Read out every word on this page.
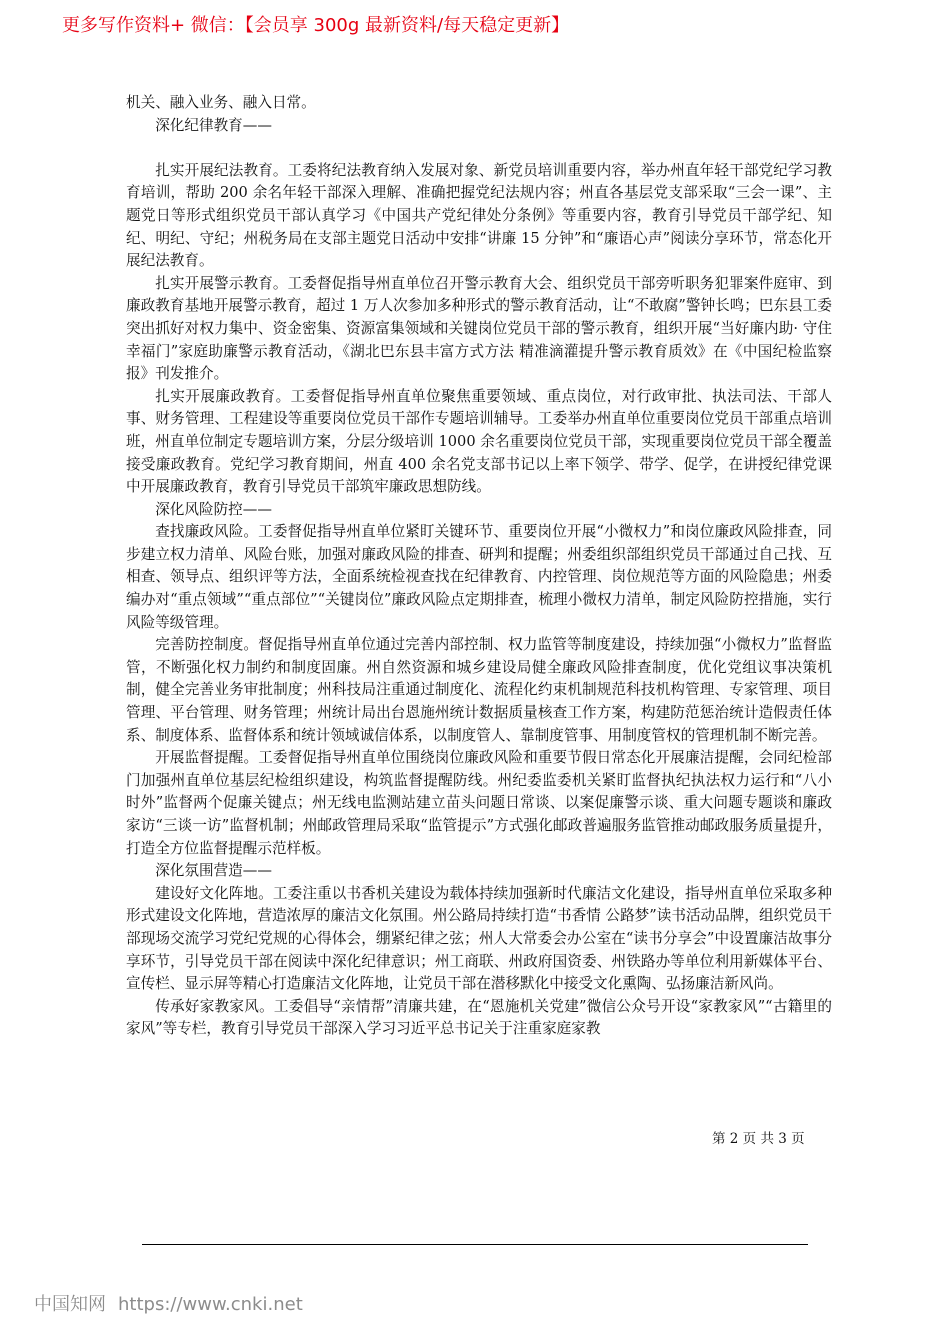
更多写作资料+ 微信：【会员享 300g 最新资料/每天稳定更新】

机关、融入业务、融入日常。

深化纪律教育——

扎实开展纪法教育。工委将纪法教育纳入发展对象、新党员培训重要内容，举办州直年轻干部党纪学习教育培训，帮助 200 余名年轻干部深入理解、准确把握党纪法规内容；州直各基层党支部采取“三会一课”、主题党日等形式组织党员干部认真学习《中国共产党纪律处分条例》等重要内容，教育引导党员干部学纪、知纪、明纪、守纪；州税务局在支部主题党日活动中安排“讲廉 15 分钟”和“廉语心声”阅读分享环节，常态化开展纪法教育。

扎实开展警示教育。工委督促指导州直单位召开警示教育大会、组织党员干部旁听职务犯罪案件庭审、到廉政教育基地开展警示教育，超过 1 万人次参加多种形式的警示教育活动，让“不敢腐”警钟长鸣；巴东县工委突出抓好对权力集中、资金密集、资源富集领域和关键岗位党员干部的警示教育，组织开展“当好廉内助· 守住幸福门”家庭助廉警示教育活动，《湖北巴东县丰富方式方法 精准滴灌提升警示教育质效》在《中国纪检监察报》刊发推介。

扎实开展廉政教育。工委督促指导州直单位聚焦重要领域、重点岗位，对行政审批、执法司法、干部人事、财务管理、工程建设等重要岗位党员干部作专题培训辅导。工委举办州直单位重要岗位党员干部重点培训班，州直单位制定专题培训方案，分层分级培训 1000 余名重要岗位党员干部，实现重要岗位党员干部全覆盖接受廉政教育。党纪学习教育期间，州直 400 余名党支部书记以上率下领学、带学、促学，在讲授纪律党课中开展廉政教育，教育引导党员干部筑牢廉政思想防线。

深化风险防控——

查找廉政风险。工委督促指导州直单位紧盯关键环节、重要岗位开展“小微权力”和岗位廉政风险排查，同步建立权力清单、风险台账，加强对廉政风险的排查、研判和提醒；州委组织部组织党员干部通过自己找、互相查、领导点、组织评等方法，全面系统检视查找在纪律教育、内控管理、岗位规范等方面的风险隐患；州委编办对“重点领域”“重点部位”“关键岗位”廉政风险点定期排查，梳理小微权力清单，制定风险防控措施，实行风险等级管理。

完善防控制度。督促指导州直单位通过完善内部控制、权力监管等制度建设，持续加强“小微权力”监督监管，不断强化权力制约和制度固廉。州自然资源和城乡建设局健全廉政风险排查制度，优化党组议事决策机制，健全完善业务审批制度；州科技局注重通过制度化、流程化约束机制规范科技机构管理、专家管理、项目管理、平台管理、财务管理；州统计局出台恩施州统计数据质量核查工作方案，构建防范惩治统计造假责任体系、制度体系、监督体系和统计领域诚信体系，以制度管人、靠制度管事、用制度管权的管理机制不断完善。

开展监督提醒。工委督促指导州直单位围绕岗位廉政风险和重要节假日常态化开展廉洁提醒，会同纪检部门加强州直单位基层纪检组织建设，构筑监督提醒防线。州纪委监委机关紧盯监督执纪执法权力运行和“八小时外”监督两个促廉关键点；州无线电监测站建立苗头问题日常谈、以案促廉警示谈、重大问题专题谈和廉政家访“三谈一访”监督机制；州邮政管理局采取“监管提示”方式强化邮政普遍服务监管推动邮政服务质量提升，打造全方位监督提醒示范样板。

深化氛围营造——

建设好文化阵地。工委注重以书香机关建设为载体持续加强新时代廉洁文化建设，指导州直单位采取多种形式建设文化阵地，营造浓厚的廉洁文化氛围。州公路局持续打造“书香情 公路梦”读书活动品牌，组织党员干部现场交流学习党纪党规的心得体会，绷紧纪律之弦；州人大常委会办公室在“读书分享会”中设置廉洁故事分享环节，引导党员干部在阅读中深化纪律意识；州工商联、州政府国资委、州铁路办等单位利用新媒体平台、宣传栏、显示屏等精心打造廉洁文化阵地，让党员干部在潜移默化中接受文化熏陶、弘扬廉洁新风尚。

传承好家教家风。工委倡导“亲情帮”清廉共建，在“恩施机关党建”微信公众号开设“家教家风”“古籍里的家风”等专栏，教育引导党员干部深入学习习近平总书记关于注重家庭家教

第 2 页 共 3 页
中国知网 https://www.cnki.net
